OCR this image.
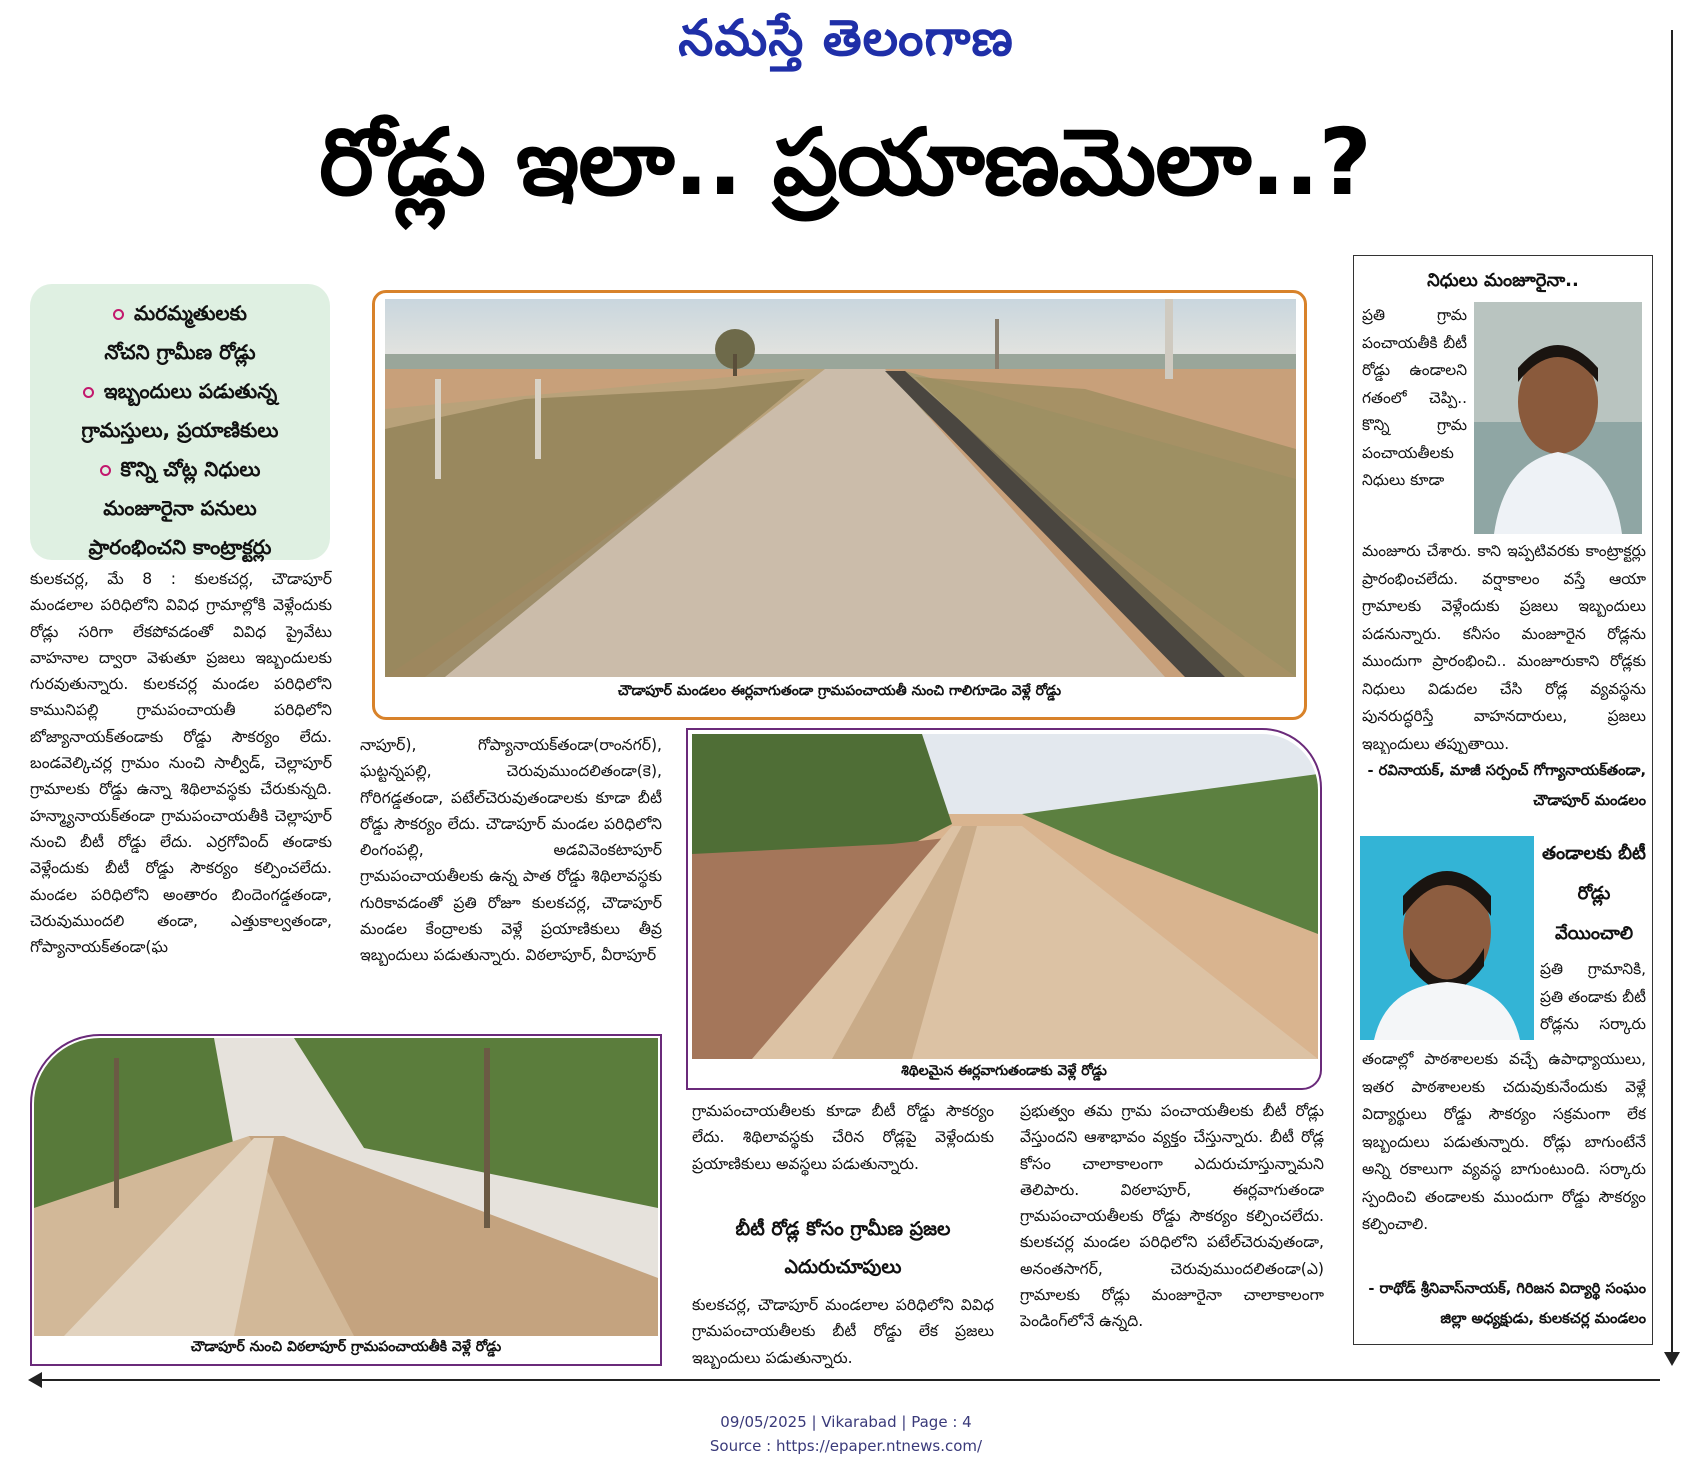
నమస్తే తెలంగాణ
రోడ్లు ఇలా.. ప్రయాణమెలా..?
మరమ్మతులకు
నోచని గ్రామీణ రోడ్లు
ఇబ్బందులు పడుతున్న
గ్రామస్తులు, ప్రయాణికులు
కొన్ని చోట్ల నిధులు
మంజూరైనా పనులు
ప్రారంభించని కాంట్రాక్టర్లు
కులకచర్ల, మే 8 : కులకచర్ల, చౌడాపూర్ మండలాల పరిధిలోని వివిధ గ్రామాల్లోకి వెళ్లేందుకు రోడ్లు సరిగా లేకపోవడంతో వివిధ ప్రైవేటు వాహనాల ద్వారా వెళుతూ ప్రజలు ఇబ్బందులకు గురవుతున్నారు. కులకచర్ల మండల పరిధిలోని కామునిపల్లి గ్రామపంచాయతీ పరిధిలోని బోజ్యానాయక్‌తండాకు రోడ్డు సౌకర్యం లేదు. బండవెల్కిచర్ల గ్రామం నుంచి సాల్వీడ్, చెల్లాపూర్ గ్రామాలకు రోడ్డు ఉన్నా శిథిలావస్థకు చేరుకున్నది. హన్మ్యానాయక్‌తండా గ్రామపంచాయతీకి చెల్లాపూర్ నుంచి బీటీ రోడ్డు లేదు. ఎర్రగోవింద్ తండాకు వెళ్లేందుకు బీటీ రోడ్డు సౌకర్యం కల్పించలేదు. మండల పరిధిలోని అంతారం బిందెంగడ్డతండా, చెరువుముందలి తండా, ఎత్తుకాల్వతండా, గోప్యానాయక్‌తండా(ఘ
చౌడాపూర్ మండలం ఈర్లవాగుతండా గ్రామపంచాయతీ నుంచి గాలిగూడెం వెళ్లే రోడ్డు
నాపూర్), గోప్యానాయక్‌తండా(రాంనగర్), ఘట్టన్నపల్లి, చెరువుముందలితండా(కె), గోరిగడ్డతండా, పటేల్‌చెరువుతండాలకు కూడా బీటీ రోడ్డు సౌకర్యం లేదు. చౌడాపూర్ మండల పరిధిలోని లింగంపల్లి, అడవివెంకటాపూర్ గ్రామపంచాయతీలకు ఉన్న పాత రోడ్డు శిథిలావస్థకు గురికావడంతో ప్రతి రోజూ కులకచర్ల, చౌడాపూర్ మండల కేంద్రాలకు వెళ్లే ప్రయాణికులు తీవ్ర ఇబ్బందులు పడుతున్నారు. విఠలాపూర్, వీరాపూర్
శిథిలమైన ఈర్లవాగుతండాకు వెళ్లే రోడ్డు
చౌడాపూర్ నుంచి విఠలాపూర్ గ్రామపంచాయతీకి వెళ్లే రోడ్డు
గ్రామపంచాయతీలకు కూడా బీటీ రోడ్డు సౌకర్యం లేదు. శిథిలావస్థకు చేరిన రోడ్లపై వెళ్లేందుకు ప్రయాణికులు అవస్థలు పడుతున్నారు.
బీటీ రోడ్ల కోసం గ్రామీణ ప్రజల ఎదురుచూపులు
కులకచర్ల, చౌడాపూర్ మండలాల పరిధిలోని వివిధ గ్రామపంచాయతీలకు బీటీ రోడ్డు లేక ప్రజలు ఇబ్బందులు పడుతున్నారు.
ప్రభుత్వం తమ గ్రామ పంచాయతీలకు బీటీ రోడ్లు వేస్తుందని ఆశాభావం వ్యక్తం చేస్తున్నారు. బీటీ రోడ్ల కోసం చాలాకాలంగా ఎదురుచూస్తున్నామని తెలిపారు. విఠలాపూర్, ఈర్లవాగుతండా గ్రామపంచాయతీలకు రోడ్డు సౌకర్యం కల్పించలేదు. కులకచర్ల మండల పరిధిలోని పటేల్‌చెరువుతండా, అనంతసాగర్, చెరువుముందలితండా(ఎ) గ్రామాలకు రోడ్లు మంజూరైనా చాలాకాలంగా పెండింగ్‌లోనే ఉన్నది.
నిధులు మంజూరైనా..
ప్రతి గ్రామ పంచాయతీకి బీటీ రోడ్డు ఉండాలని గతంలో చెప్పి.. కొన్ని గ్రామ పంచాయతీలకు నిధులు కూడా
మంజూరు చేశారు. కాని ఇప్పటివరకు కాంట్రాక్టర్లు ప్రారంభించలేదు. వర్షాకాలం వస్తే ఆయా గ్రామాలకు వెళ్లేందుకు ప్రజలు ఇబ్బందులు పడనున్నారు. కనీసం మంజూరైన రోడ్లను ముందుగా ప్రారంభించి.. మంజూరుకాని రోడ్లకు నిధులు విడుదల చేసి రోడ్ల వ్యవస్థను పునరుద్ధరిస్తే వాహనదారులు, ప్రజలు ఇబ్బందులు తప్పుతాయి.
- రవినాయక్, మాజీ సర్పంచ్ గోగ్యానాయక్‌తండా, చౌడాపూర్ మండలం
తండాలకు బీటీ రోడ్లు వేయించాలి
ప్రతి గ్రామానికి, ప్రతి తండాకు బీటీ రోడ్లను సర్కారు
తండాల్లో పాఠశాలలకు వచ్చే ఉపాధ్యాయులు, ఇతర పాఠశాలలకు చదువుకునేందుకు వెళ్లే విద్యార్థులు రోడ్డు సౌకర్యం సక్రమంగా లేక ఇబ్బందులు పడుతున్నారు. రోడ్లు బాగుంటేనే అన్ని రకాలుగా వ్యవస్థ బాగుంటుంది. సర్కారు స్పందించి తండాలకు ముందుగా రోడ్డు సౌకర్యం కల్పించాలి.
- రాథోడ్ శ్రీనివాస్‌నాయక్, గిరిజన విద్యార్థి సంఘం జిల్లా అధ్యక్షుడు, కులకచర్ల మండలం
09/05/2025 | Vikarabad | Page : 4
Source : https://epaper.ntnews.com/
